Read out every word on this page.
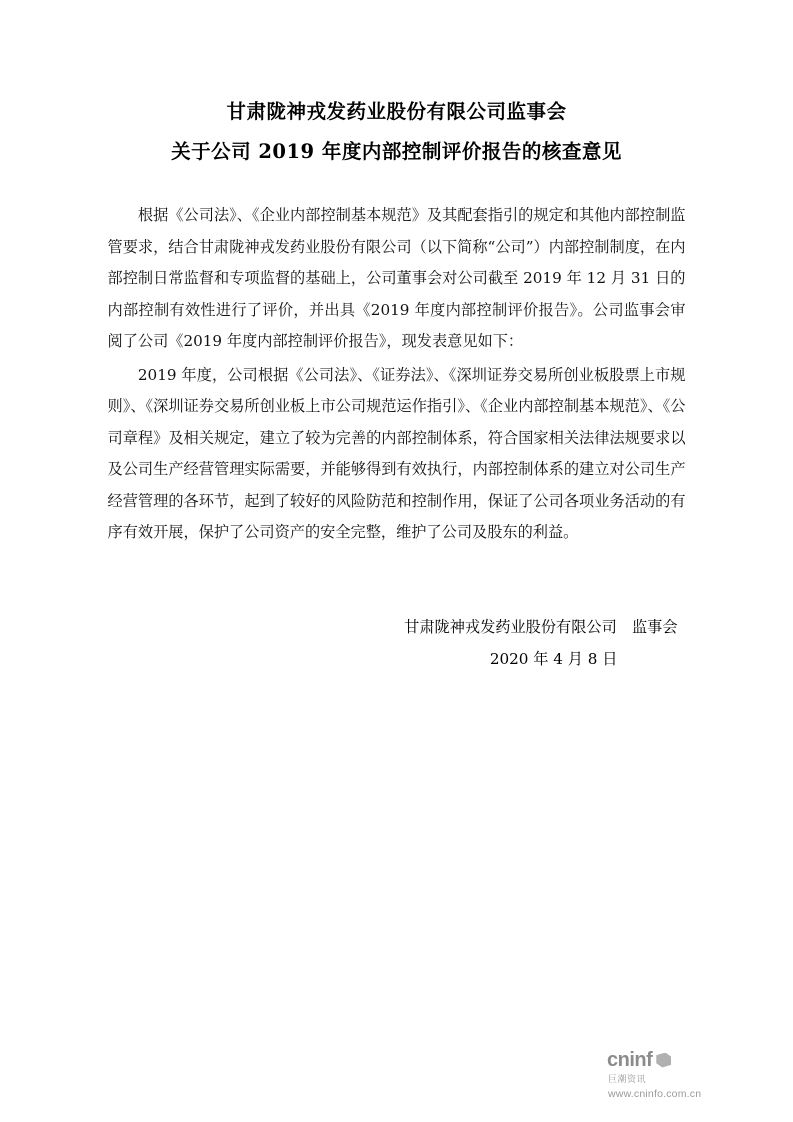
甘肃陇神戎发药业股份有限公司监事会
关于公司 2019 年度内部控制评价报告的核查意见

根据《公司法》、《企业内部控制基本规范》及其配套指引的规定和其他内部控制监管要求，结合甘肃陇神戎发药业股份有限公司（以下简称“公司”）内部控制制度，在内部控制日常监督和专项监督的基础上，公司董事会对公司截至 2019 年 12 月 31 日的内部控制有效性进行了评价，并出具《2019 年度内部控制评价报告》。公司监事会审阅了公司《2019 年度内部控制评价报告》，现发表意见如下：

2019 年度，公司根据《公司法》、《证券法》、《深圳证券交易所创业板股票上市规则》、《深圳证券交易所创业板上市公司规范运作指引》、《企业内部控制基本规范》、《公司章程》及相关规定，建立了较为完善的内部控制体系，符合国家相关法律法规要求以及公司生产经营管理实际需要，并能够得到有效执行，内部控制体系的建立对公司生产经营管理的各环节，起到了较好的风险防范和控制作用，保证了公司各项业务活动的有序有效开展，保护了公司资产的安全完整，维护了公司及股东的利益。

甘肃陇神戎发药业股份有限公司　监事会
2020 年 4 月 8 日
cninf
巨潮资讯
www.cninfo.com.cn
